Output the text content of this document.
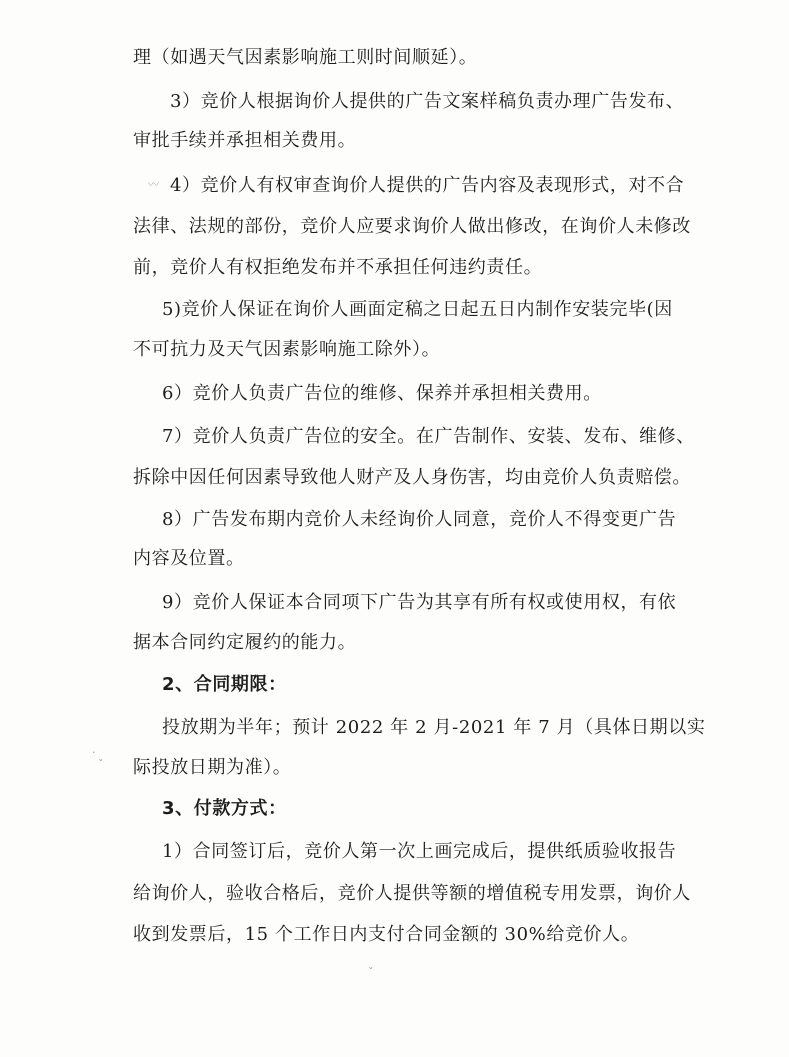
理（如遇天气因素影响施工则时间顺延）。
3）竞价人根据询价人提供的广告文案样稿负责办理广告发布、
审批手续并承担相关费用。
〰 4）竞价人有权审查询价人提供的广告内容及表现形式，对不合
法律、法规的部份，竞价人应要求询价人做出修改，在询价人未修改
前，竞价人有权拒绝发布并不承担任何违约责任。
5)竞价人保证在询价人画面定稿之日起五日内制作安装完毕(因
不可抗力及天气因素影响施工除外）。
6）竞价人负责广告位的维修、保养并承担相关费用。
7）竞价人负责广告位的安全。在广告制作、安装、发布、维修、
拆除中因任何因素导致他人财产及人身伤害，均由竞价人负责赔偿。
8）广告发布期内竞价人未经询价人同意，竞价人不得变更广告
内容及位置。
9）竞价人保证本合同项下广告为其享有所有权或使用权，有依
据本合同约定履约的能力。
2、合同期限：
投放期为半年；预计 2022 年 2 月-2021 年 7 月（具体日期以实
·
ˇ 际投放日期为准）。
3、付款方式：
1）合同签订后，竞价人第一次上画完成后，提供纸质验收报告
给询价人，验收合格后，竞价人提供等额的增值税专用发票，询价人
收到发票后，15 个工作日内支付合同金额的 30%给竞价人。
ˇ
